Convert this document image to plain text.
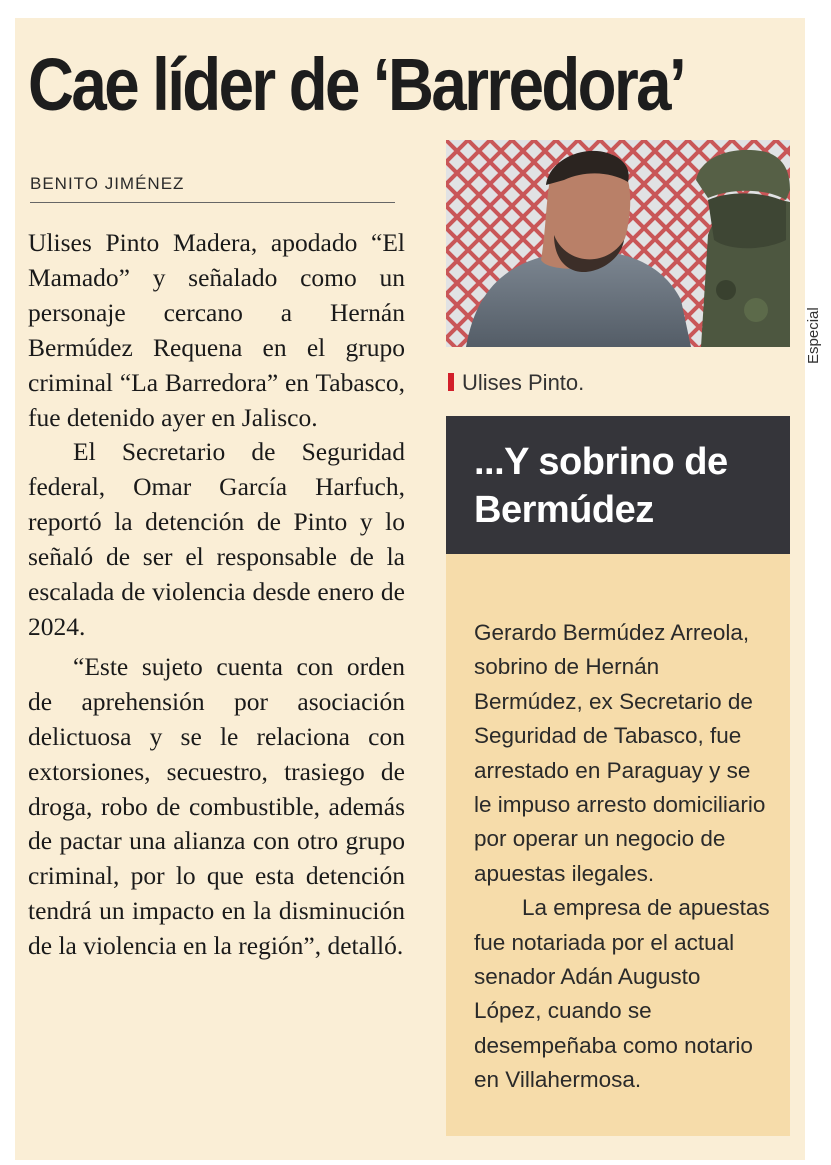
Cae líder de ‘Barredora’
BENITO JIMÉNEZ

Ulises Pinto Madera, apodado “El Mamado” y señalado como un personaje cercano a Hernán Bermúdez Requena en el grupo criminal “La Barredora” en Tabasco, fue detenido ayer en Jalisco.

El Secretario de Seguridad federal, Omar García Harfuch, reportó la detención de Pinto y lo señaló de ser el responsable de la escalada de violencia desde enero de 2024.

“Este sujeto cuenta con orden de aprehensión por asociación delictuosa y se le relaciona con extorsiones, secuestro, trasiego de droga, robo de combustible, además de pactar una alianza con otro grupo criminal, por lo que esta detención tendrá un impacto en la disminución de la violencia en la región”, detalló.

Especial
Ulises Pinto.
...Y sobrino de Bermúdez

Gerardo Bermúdez Arreola, sobrino de Hernán Bermúdez, ex Secretario de Seguridad de Tabasco, fue arrestado en Paraguay y se le impuso arresto domiciliario por operar un negocio de apuestas ilegales.

La empresa de apuestas fue notariada por el actual senador Adán Augusto López, cuando se desempeñaba como notario en Villahermosa.
